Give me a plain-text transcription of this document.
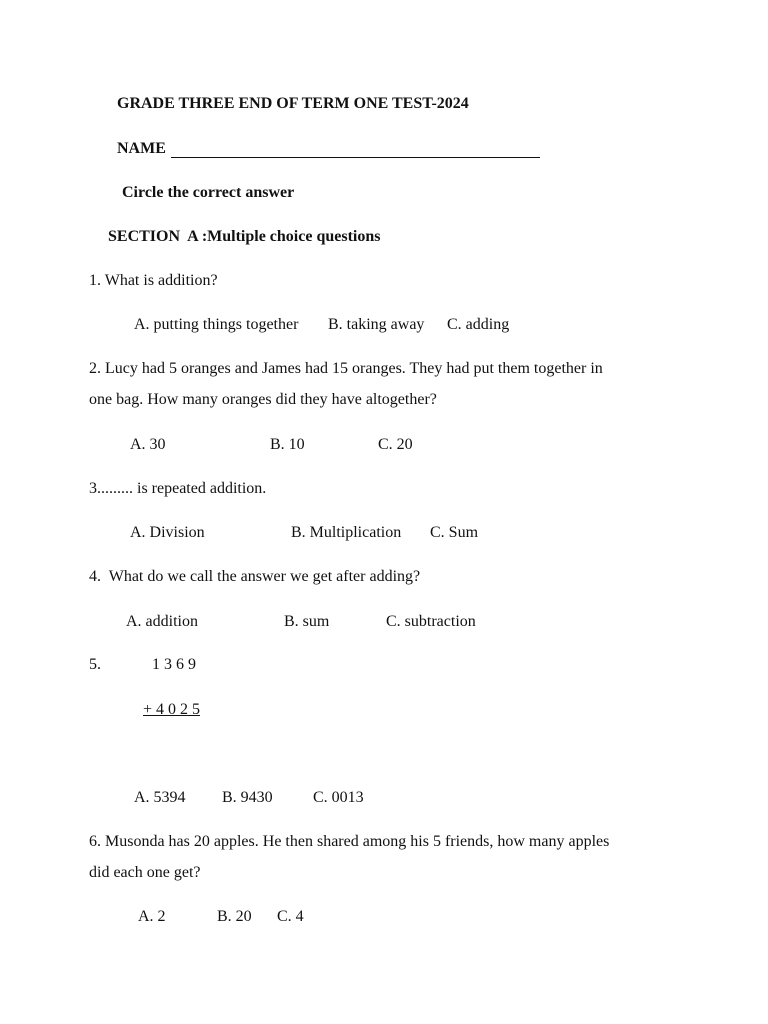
GRADE THREE END OF TERM ONE TEST-2024
NAME
Circle the correct answer
SECTION  A :Multiple choice questions
1. What is addition?
A. putting things together B. taking away C. adding
2. Lucy had 5 oranges and James had 15 oranges. They had put them together in
one bag. How many oranges did they have altogether?
A. 30	B. 10	C. 20
3......... is repeated addition.
A. Division	B. Multiplication C. Sum
4. What do we call the answer we get after adding?
A. addition	B. sum	C. subtraction
5.	1 3 6 9
+ 4 0 2 5
A. 5394 B. 9430	C. 0013
6. Musonda has 20 apples. He then shared among his 5 friends, how many apples
did each one get?
A. 2	B. 20 C. 4
